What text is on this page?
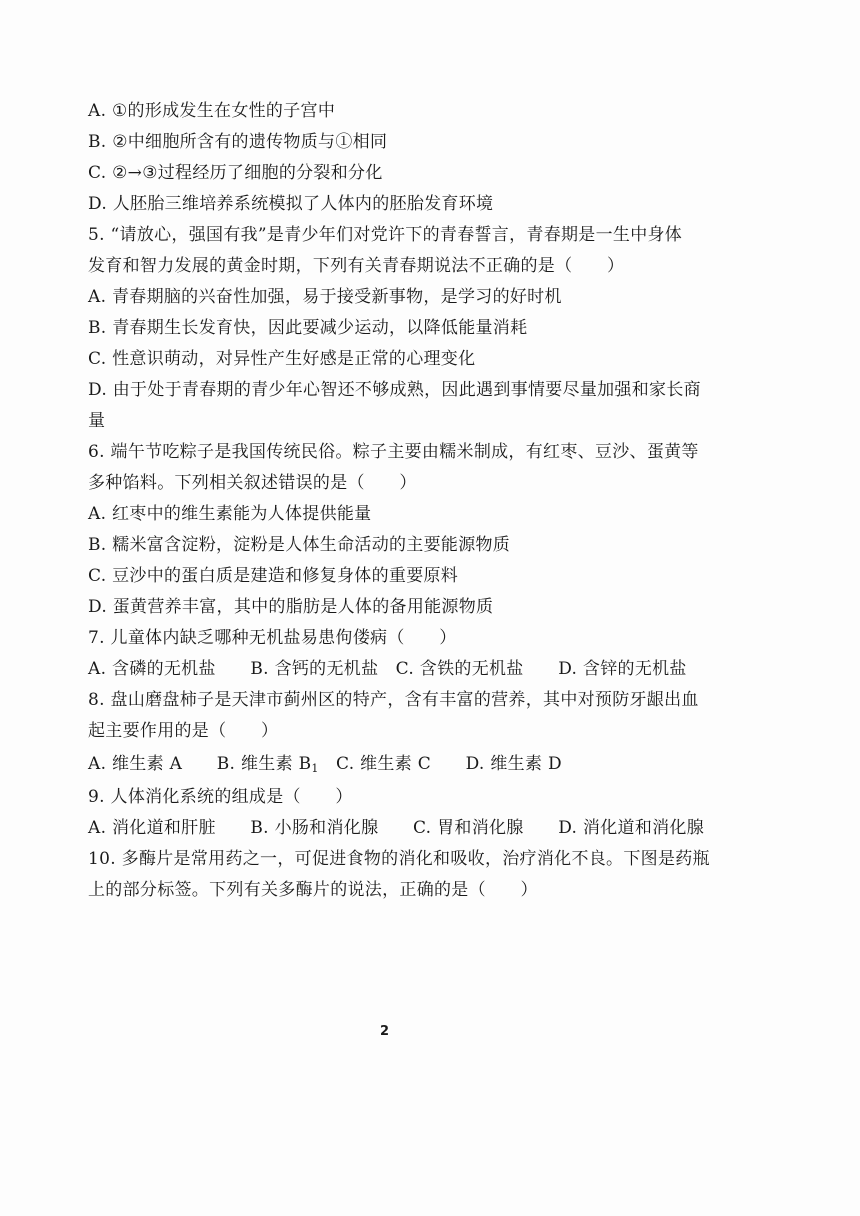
A. ①的形成发生在女性的子宫中
B. ②中细胞所含有的遗传物质与①相同
C. ②→③过程经历了细胞的分裂和分化
D. 人胚胎三维培养系统模拟了人体内的胚胎发育环境
5. “请放心，强国有我”是青少年们对党许下的青春誓言，青春期是一生中身体
发育和智力发展的黄金时期，下列有关青春期说法不正确的是（　　）
A. 青春期脑的兴奋性加强，易于接受新事物，是学习的好时机
B. 青春期生长发育快，因此要减少运动，以降低能量消耗
C. 性意识萌动，对异性产生好感是正常的心理变化
D. 由于处于青春期的青少年心智还不够成熟，因此遇到事情要尽量加强和家长商
量
6. 端午节吃粽子是我国传统民俗。粽子主要由糯米制成，有红枣、豆沙、蛋黄等
多种馅料。下列相关叙述错误的是（　　）
A. 红枣中的维生素能为人体提供能量
B. 糯米富含淀粉，淀粉是人体生命活动的主要能源物质
C. 豆沙中的蛋白质是建造和修复身体的重要原料
D. 蛋黄营养丰富，其中的脂肪是人体的备用能源物质
7. 儿童体内缺乏哪种无机盐易患佝偻病（　　）
A. 含磷的无机盐　　B. 含钙的无机盐　C. 含铁的无机盐　　D. 含锌的无机盐
8. 盘山磨盘柿子是天津市蓟州区的特产，含有丰富的营养，其中对预防牙龈出血
起主要作用的是（　　）
A. 维生素 A　　B. 维生素 $B_1$　C. 维生素 C　　D. 维生素 D
9. 人体消化系统的组成是（　　）
A. 消化道和肝脏　　B. 小肠和消化腺　　C. 胃和消化腺　　D. 消化道和消化腺
10. 多酶片是常用药之一，可促进食物的消化和吸收，治疗消化不良。下图是药瓶
上的部分标签。下列有关多酶片的说法，正确的是（　　）
2
